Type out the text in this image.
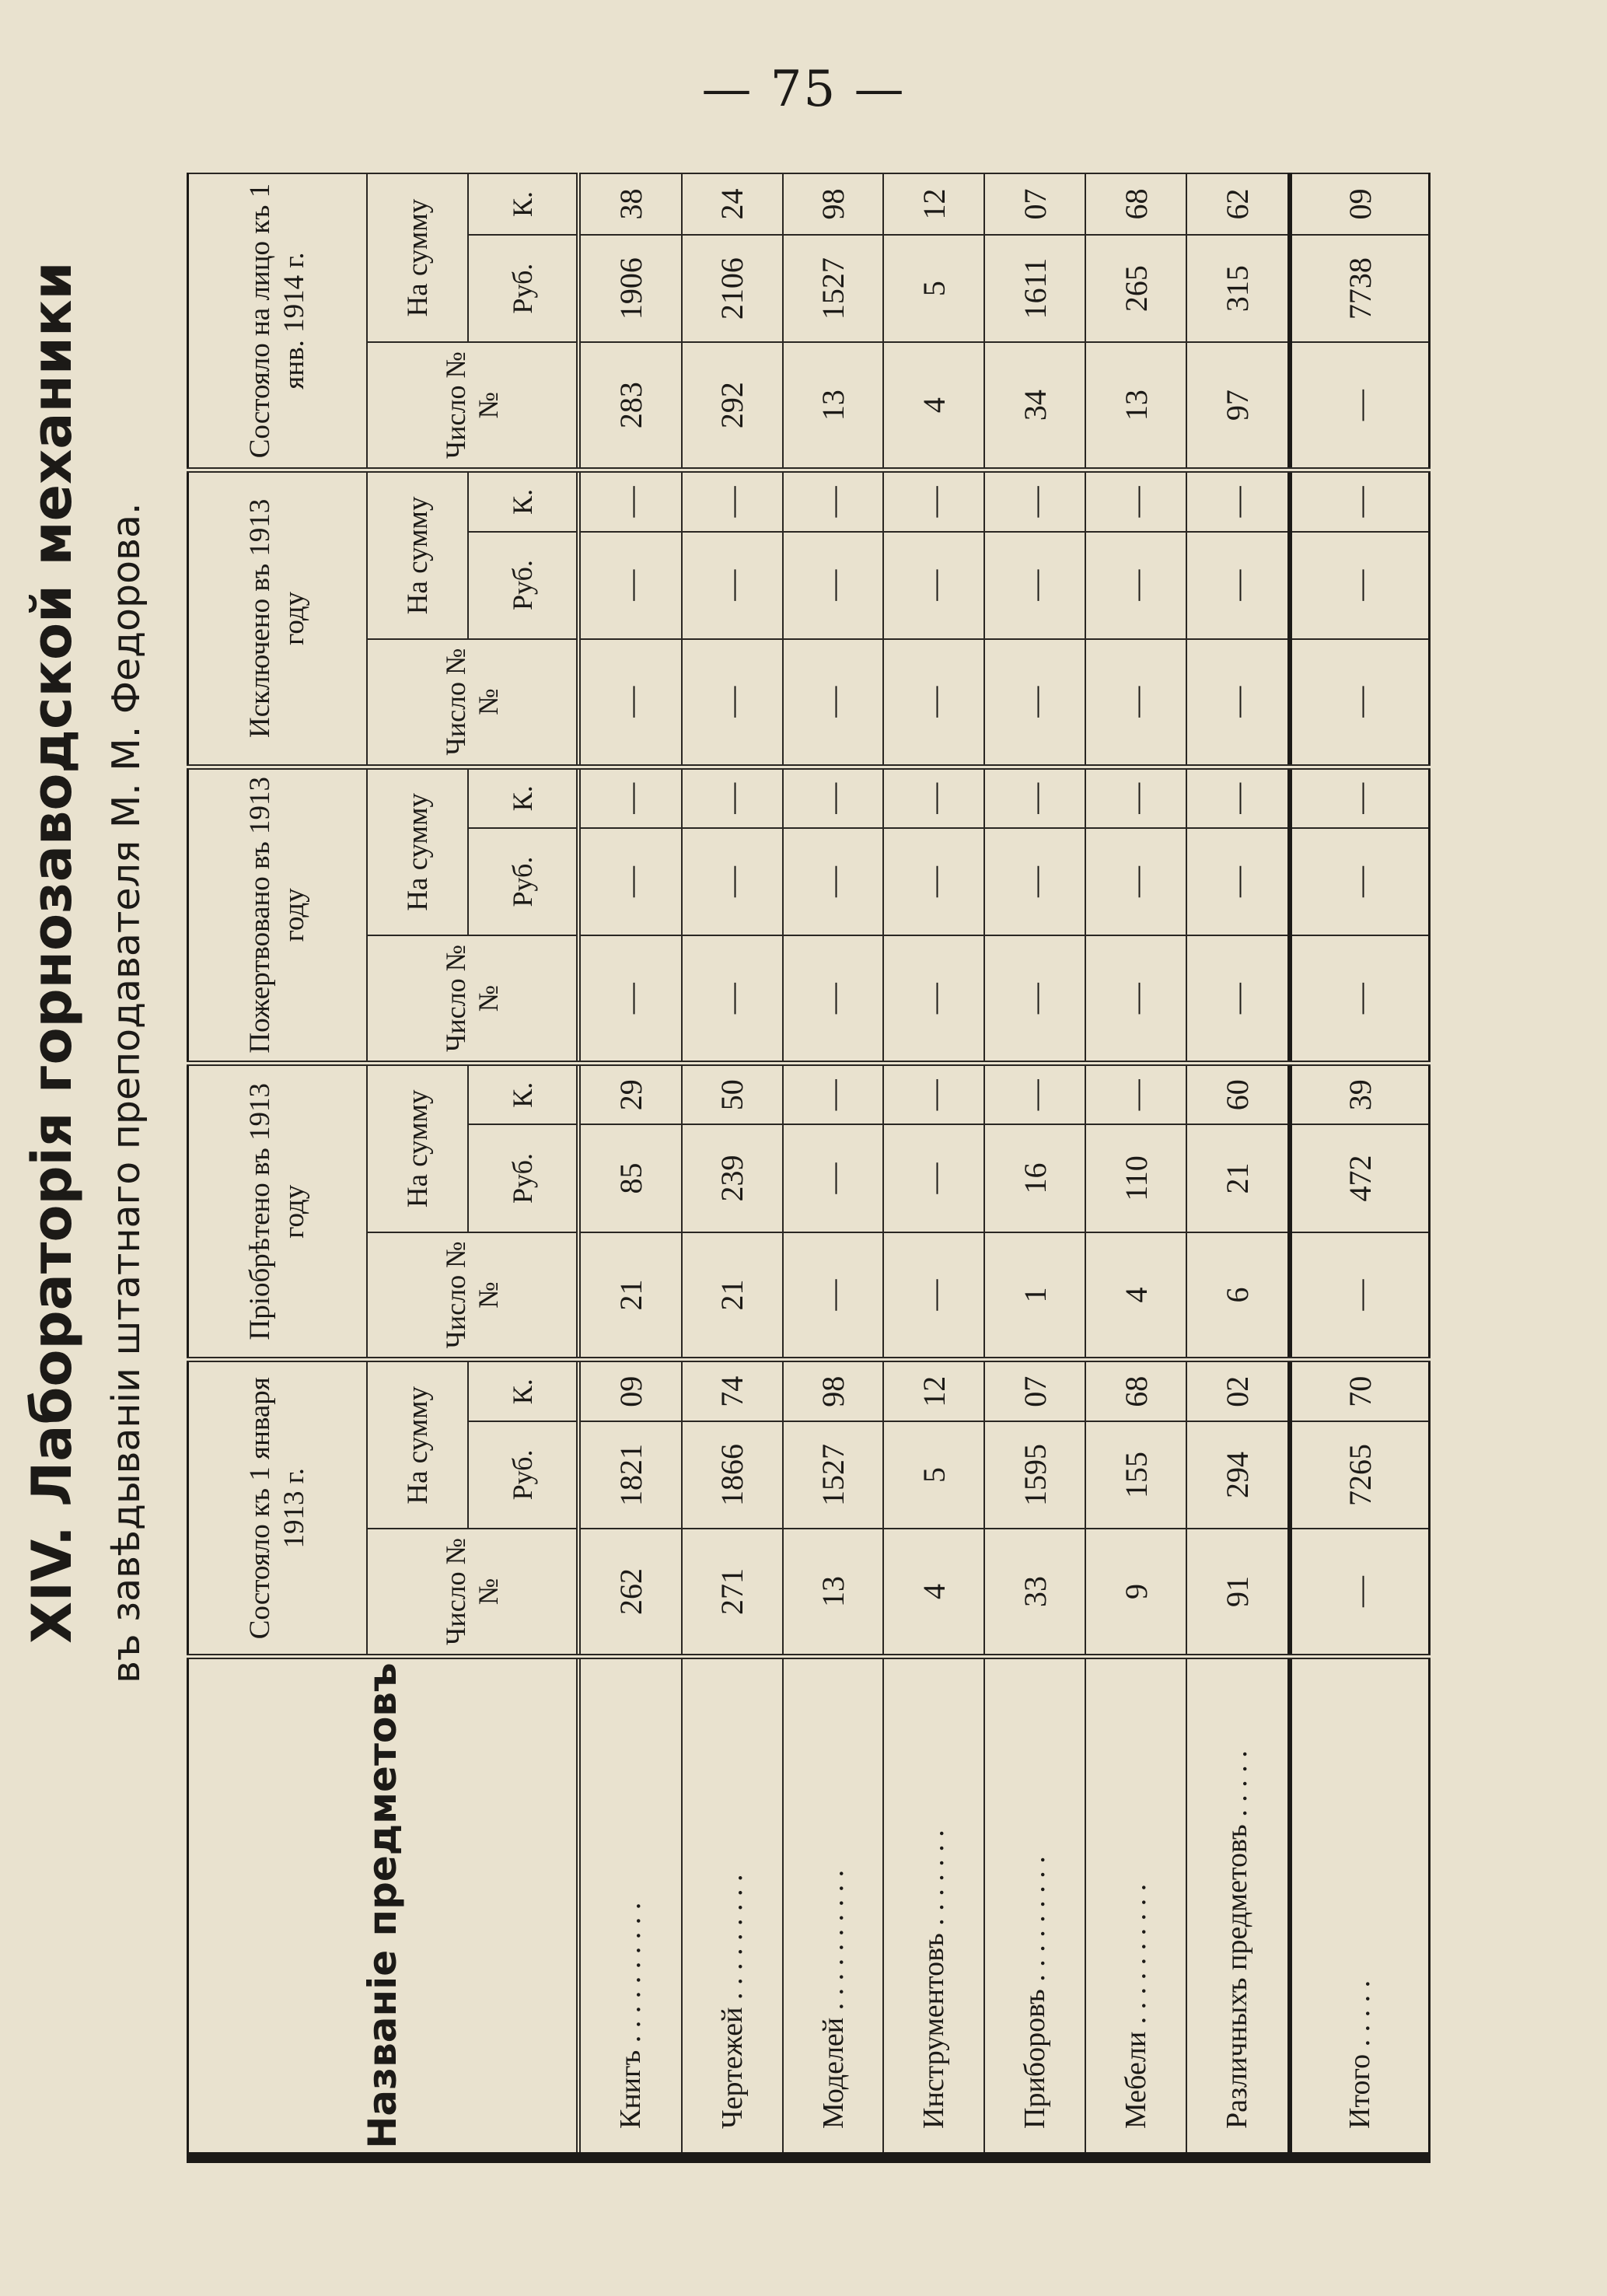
— 75 —
XIV. Лабораторія горнозаводской механики въ завѣдываніи штатнаго преподавателя М. М. Федорова.
Названіе предметовъ	Состояло къ 1 января 1913 г.			Пріобрѣтено въ 1913 году			Пожертвовано въ 1913 году			Исключено въ 1913 году			Состояло на лицо къ 1 янв. 1914 г.		
	Число №№	На сумму		Число №№	На сумму		Число №№	На сумму		Число №№	На сумму		Число №№	На сумму	
		Руб.	К.		Руб.	К.		Руб.	К.		Руб.	К.		Руб.	К.
Книгъ . . . . . . . . . .	262	1821	09	21	85	29	—	—	—	—	—	—	283	1906	38
Чертежей . . . . . . . . .	271	1866	74	21	239	50	—	—	—	—	—	—	292	2106	24
Моделей . . . . . . . . . .	13	1527	98	—	—	—	—	—	—	—	—	—	13	1527	98
Инструментовъ . . . . . . .	4	5	12	—	—	—	—	—	—	—	—	—	4	5	12
Приборовъ . . . . . . . . .	33	1595	07	1	16	—	—	—	—	—	—	—	34	1611	07
Мебели . . . . . . . . . .	9	155	68	4	110	—	—	—	—	—	—	—	13	265	68
Различныхъ предметовъ . . . . .	91	294	02	6	21	60	—	—	—	—	—	—	97	315	62
Итого . . . . .	—	7265	70	—	472	39	—	—	—	—	—	—	—	7738	09
